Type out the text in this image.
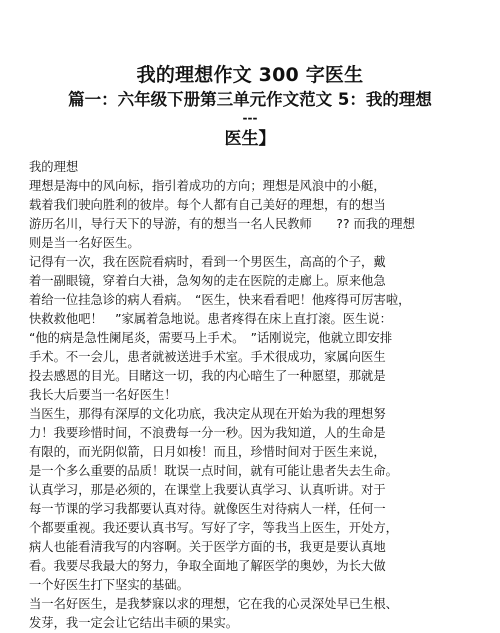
我的理想作文 300 字医生
篇一：六年级下册第三单元作文范文 5：我的理想
---
医生】
我的理想
理想是海中的风向标，指引着成功的方向；理想是风浪中的小艇，
载着我们驶向胜利的彼岸。每个人都有自己美好的理想，有的想当
游历名川，导行天下的导游，有的想当一名人民教师　　?? 而我的理想
则是当一名好医生。
记得有一次，我在医院看病时，看到一个男医生，高高的个子，戴
着一副眼镜，穿着白大褂，急匆匆的走在医院的走廊上。原来他急
着给一位挂急诊的病人看病。　“医生，快来看看吧！他疼得可厉害啦，
快救救他吧！　”家属着急地说。患者疼得在床上直打滚。医生说：
“他的病是急性阑尾炎，需要马上手术。　”话刚说完，他就立即安排
手术。不一会儿，患者就被送进手术室。手术很成功，家属向医生
投去感恩的目光。目睹这一切，我的内心暗生了一种愿望，那就是
我长大后要当一名好医生！
当医生，那得有深厚的文化功底，我决定从现在开始为我的理想努
力！我要珍惜时间，不浪费每一分一秒。因为我知道，人的生命是
有限的，而光阴似箭，日月如梭！而且，珍惜时间对于医生来说，
是一个多么重要的品质！耽误一点时间，就有可能让患者失去生命。
认真学习，那是必须的，在课堂上我要认真学习、认真听讲。对于
每一节课的学习我都要认真对待。就像医生对待病人一样，任何一
个都要重视。我还要认真书写。写好了字，等我当上医生，开处方，
病人也能看清我写的内容啊。关于医学方面的书，我更是要认真地
看。我要尽我最大的努力，争取全面地了解医学的奥妙，为长大做
一个好医生打下坚实的基础。
当一名好医生，是我梦寐以求的理想，它在我的心灵深处早已生根、
发芽，我一定会让它结出丰硕的果实。
